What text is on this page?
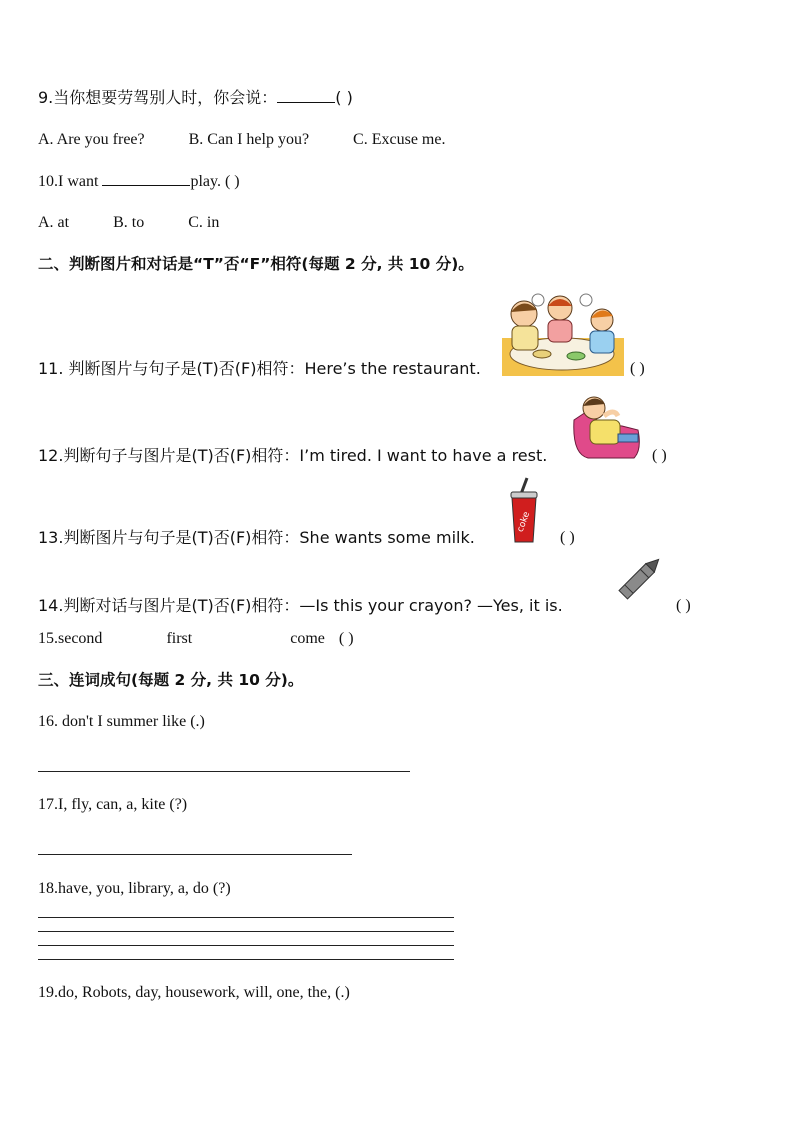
9.当你想要劳驾别人时，你会说：	( )
A. Are you free?	B. Can I help you?	C. Excuse me.
10.I want	play. ( )
A. at	B. to	C. in
二、判断图片和对话是“T”否“F”相符(每题 2 分, 共 10 分)。
11. 判断图片与句子是(T)否(F)相符：Here’s the restaurant.	( )
12.判断句子与图片是(T)否(F)相符：I’m tired. I want to have a rest.	( )
13.判断图片与句子是(T)否(F)相符：She wants some milk.
coke
( )
14.判断对话与图片是(T)否(F)相符：—Is this your crayon? —Yes, it is.	( )
15.second	first	come ( )
三、连词成句(每题 2 分, 共 10 分)。
16. don't I summer like (.)
17.I, fly, can, a, kite (?)
18.have, you, library, a, do (?)
19.do, Robots, day, housework, will, one, the, (.)
